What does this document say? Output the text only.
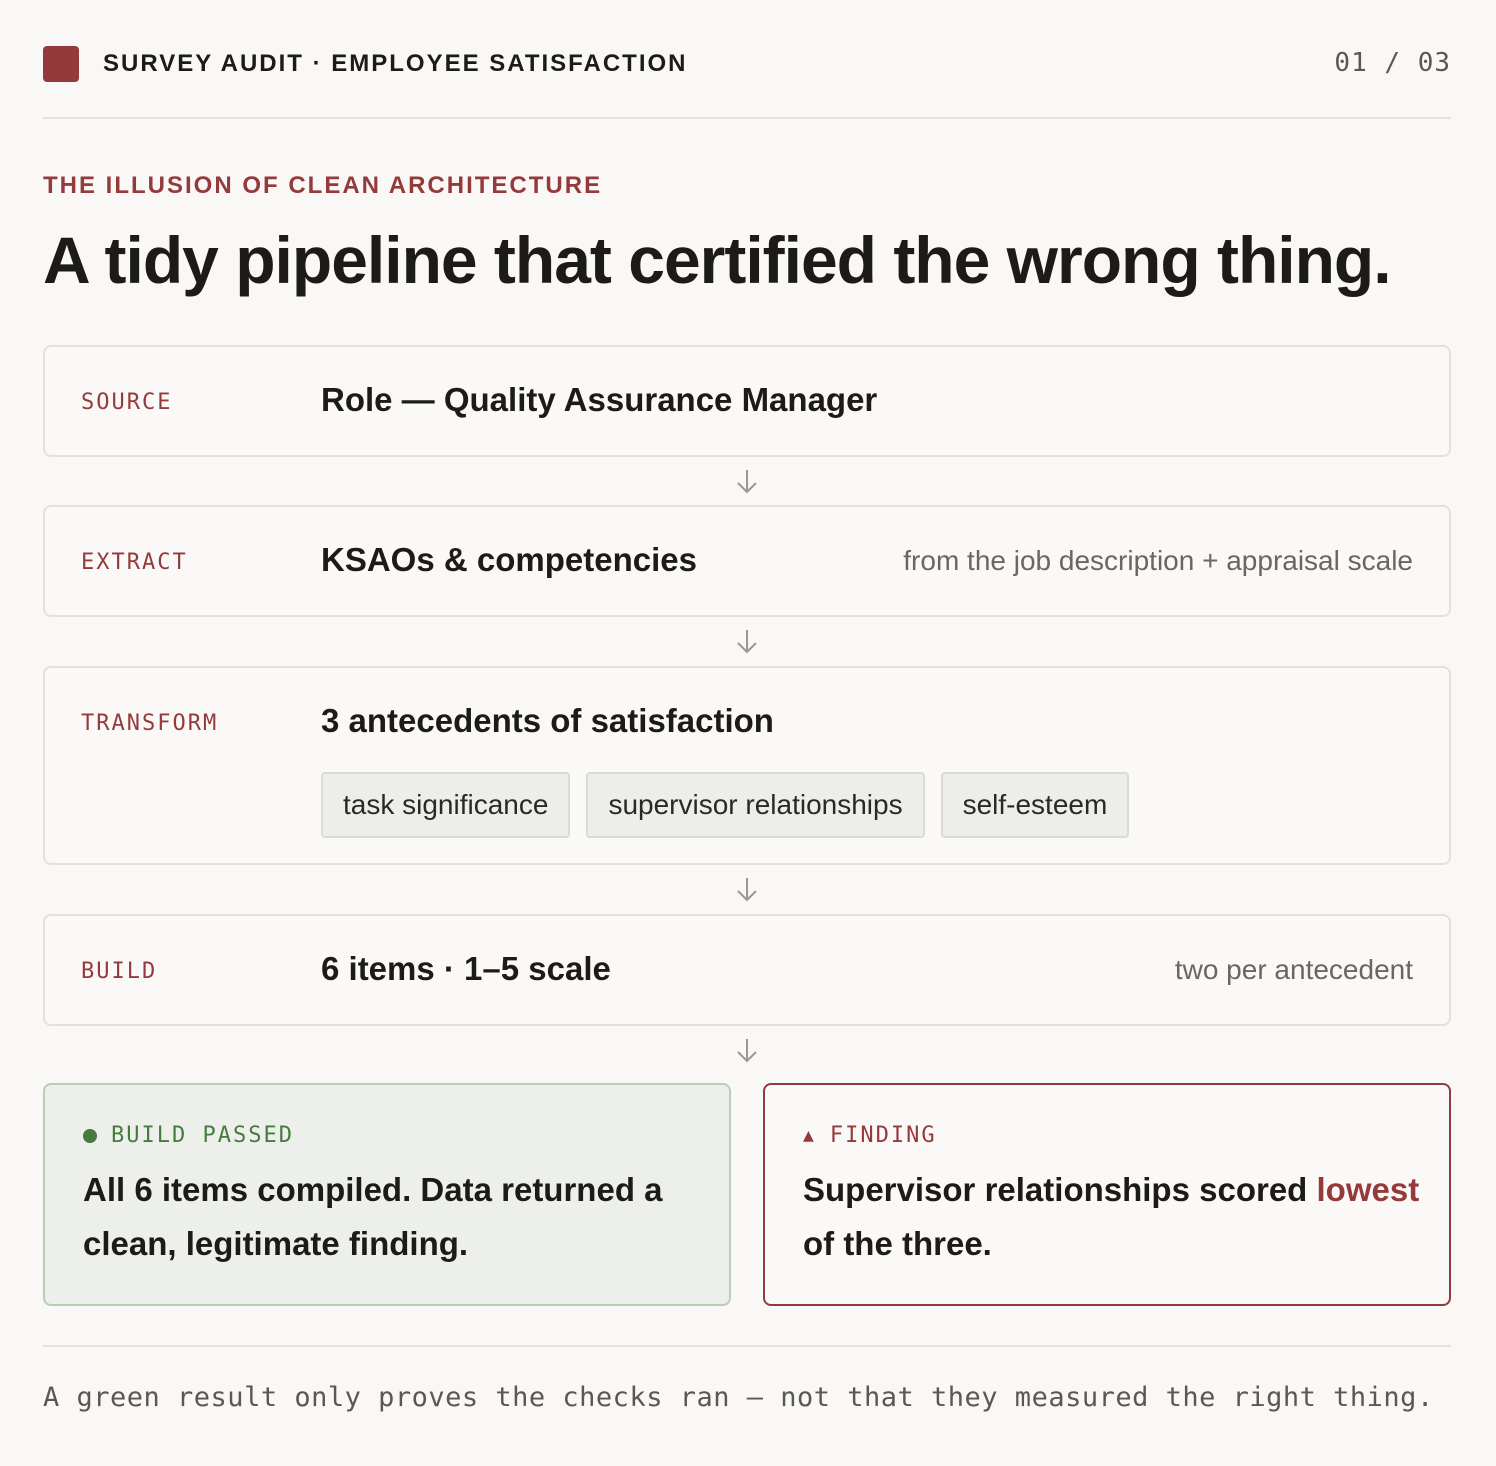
SURVEY AUDIT · EMPLOYEE SATISFACTION	01 / 03
THE ILLUSION OF CLEAN ARCHITECTURE
A tidy pipeline that certified the wrong thing.
SOURCE	Role — Quality Assurance Manager
EXTRACT	KSAOs & competencies	from the job description + appraisal scale
TRANSFORM	3 antecedents of satisfaction
task significance	supervisor relationships	self-esteem
BUILD	6 items · 1–5 scale	two per antecedent
BUILD PASSED
All 6 items compiled. Data returned a clean, legitimate finding.
▲ FINDING
Supervisor relationships scored lowest of the three.
A green result only proves the checks ran — not that they measured the right thing.
